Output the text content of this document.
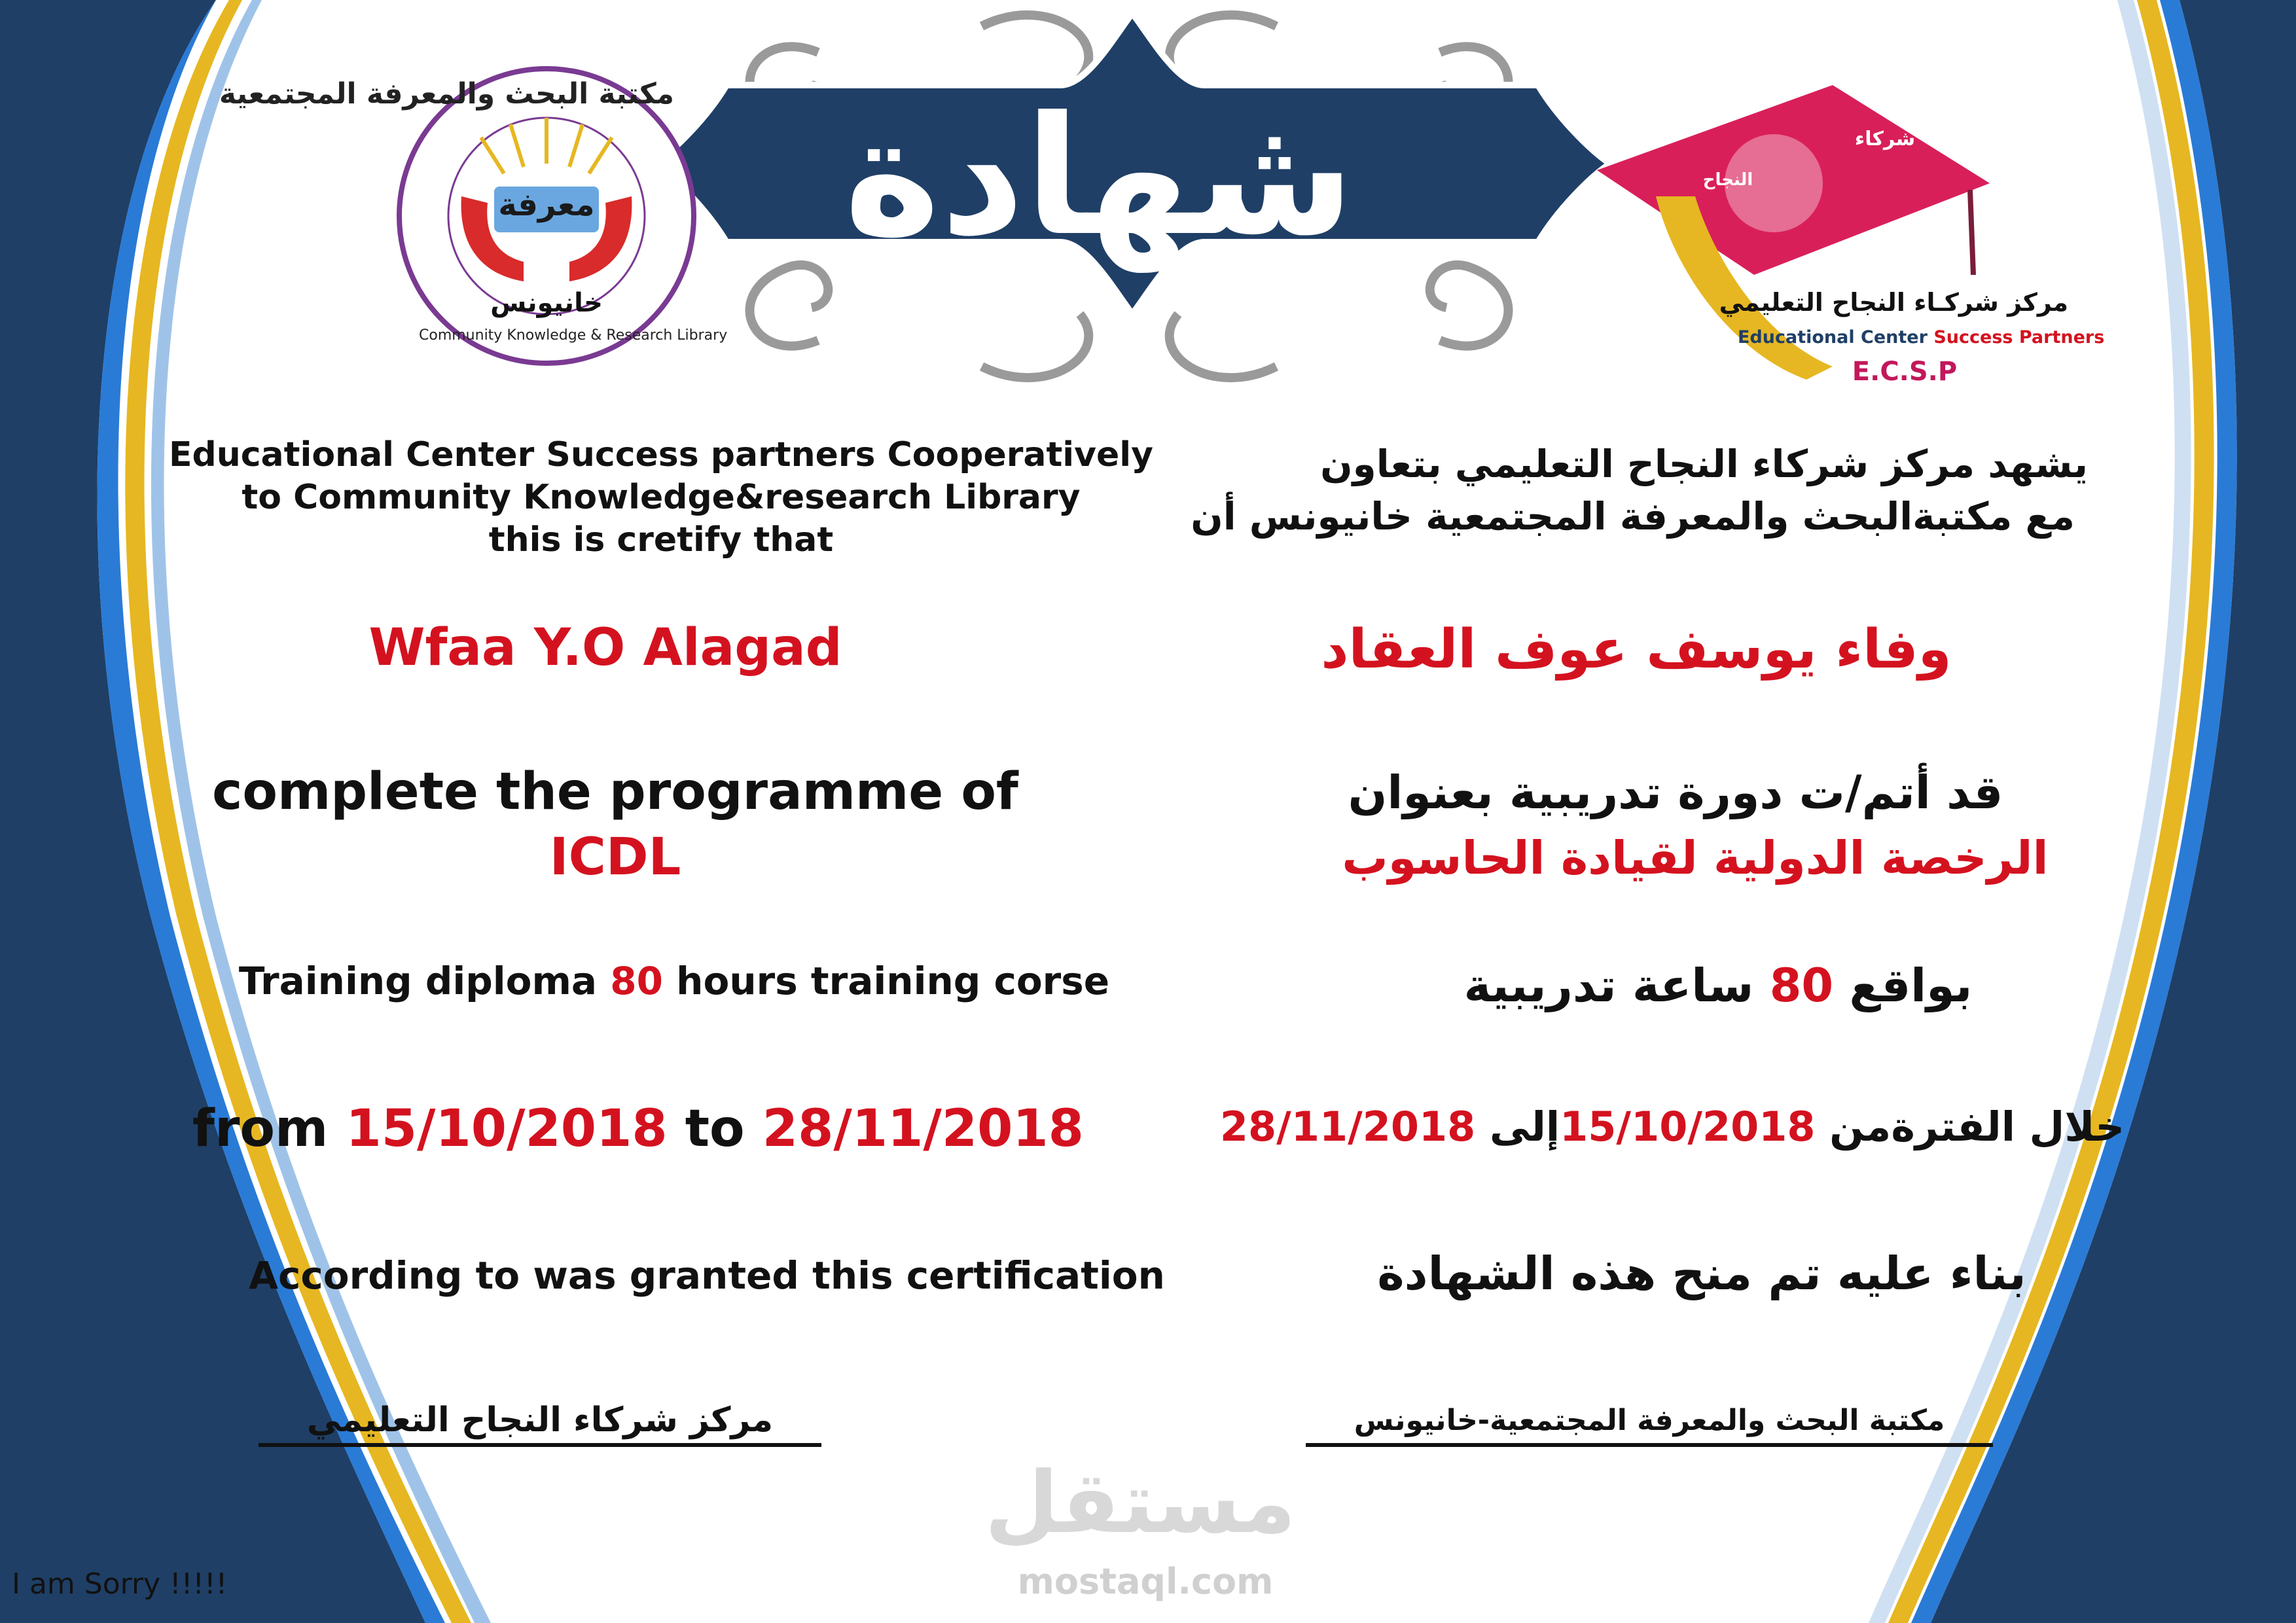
شهادة
مكتبة البحث والمعرفة المجتمعية
معرفة
خانيونس
Community Knowledge & Research Library
شركاء
النجاح
مركز شركـاء النجاح التعليمي
Educational Center Success Partners
E.C.S.P
Educational Center Success partners Cooperatively
to Community Knowledge&research Library
this is cretify that
يشهد مركز شركاء النجاح التعليمي بتعاون
مع مكتبةالبحث والمعرفة المجتمعية خانيونس أن
Wfaa Y.O Alagad	وفاء يوسف عوف العقاد
complete the programme of
ICDL
قد أتم/ت دورة تدريبية بعنوان
الرخصة الدولية لقيادة الحاسوب
Training diploma 80 hours training corse	بواقع 80 ساعة تدريبية
from 15/10/2018 to 28/11/2018	خلال الفترةمن 15/10/2018إلى 28/11/2018
According to was granted this certification	بناء عليه تم منح هذه الشهادة
مركز شركاء النجاح التعليمي	مكتبة البحث والمعرفة المجتمعية-خانيونس
مستقل
mostaql.com
I am Sorry !!!!!
